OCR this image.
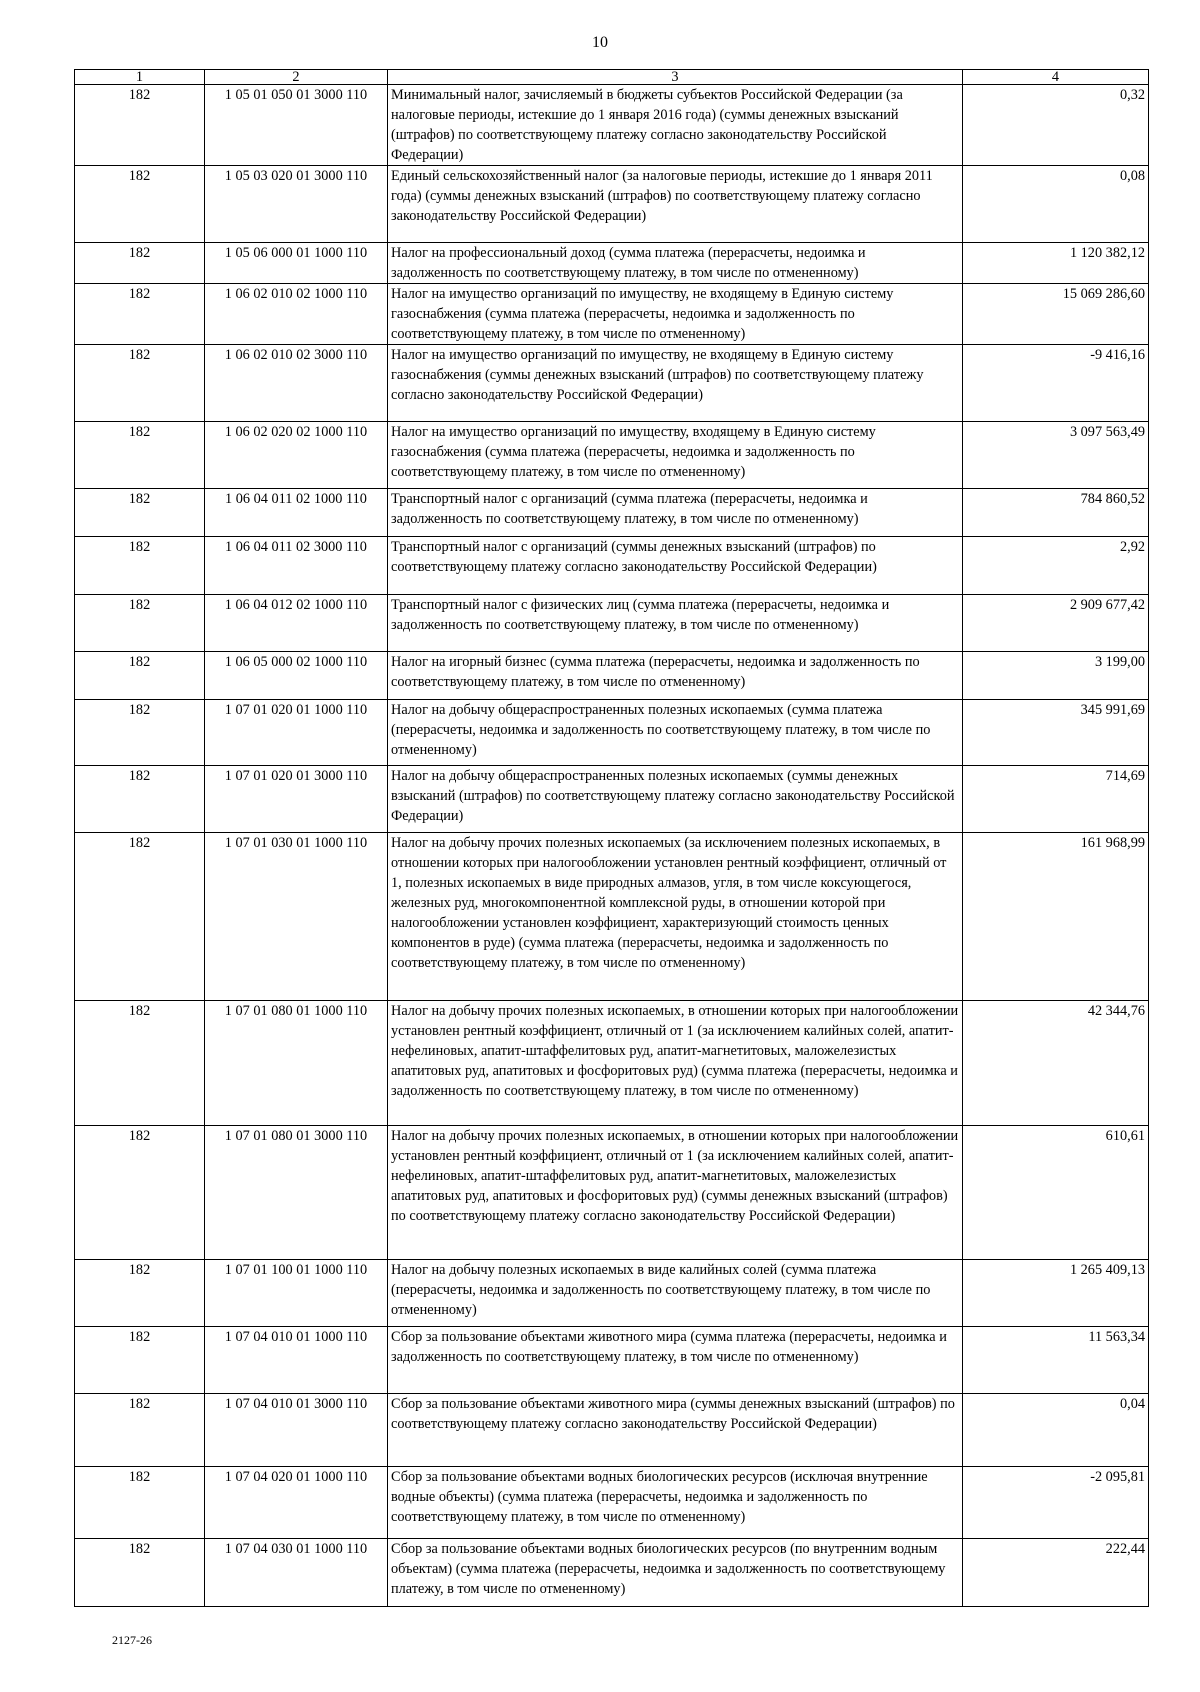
10
1	2	3	4
182	1 05 01 050 01 3000 110	Минимальный налог, зачисляемый в бюджеты субъектов Российской Федерации (за налоговые периоды, истекшие до 1 января 2016 года) (суммы денежных взысканий (штрафов) по соответствующему платежу согласно законодательству Российской Федерации)	0,32
182	1 05 03 020 01 3000 110	Единый сельскохозяйственный налог (за налоговые периоды, истекшие до 1 января 2011 года) (суммы денежных взысканий (штрафов) по соответствующему платежу согласно законодательству Российской Федерации)	0,08
182	1 05 06 000 01 1000 110	Налог на профессиональный доход (сумма платежа (перерасчеты, недоимка и задолженность по соответствующему платежу, в том числе по отмененному)	1 120 382,12
182	1 06 02 010 02 1000 110	Налог на имущество организаций по имуществу, не входящему в Единую систему газоснабжения (сумма платежа (перерасчеты, недоимка и задолженность по соответствующему платежу, в том числе по отмененному)	15 069 286,60
182	1 06 02 010 02 3000 110	Налог на имущество организаций по имуществу, не входящему в Единую систему газоснабжения (суммы денежных взысканий (штрафов) по соответствующему платежу согласно законодательству Российской Федерации)	-9 416,16
182	1 06 02 020 02 1000 110	Налог на имущество организаций по имуществу, входящему в Единую систему газоснабжения (сумма платежа (перерасчеты, недоимка и задолженность по соответствующему платежу, в том числе по отмененному)	3 097 563,49
182	1 06 04 011 02 1000 110	Транспортный налог с организаций (сумма платежа (перерасчеты, недоимка и задолженность по соответствующему платежу, в том числе по отмененному)	784 860,52
182	1 06 04 011 02 3000 110	Транспортный налог с организаций (суммы денежных взысканий (штрафов) по соответствующему платежу согласно законодательству Российской Федерации)	2,92
182	1 06 04 012 02 1000 110	Транспортный налог с физических лиц (сумма платежа (перерасчеты, недоимка и задолженность по соответствующему платежу, в том числе по отмененному)	2 909 677,42
182	1 06 05 000 02 1000 110	Налог на игорный бизнес (сумма платежа (перерасчеты, недоимка и задолженность по соответствующему платежу, в том числе по отмененному)	3 199,00
182	1 07 01 020 01 1000 110	Налог на добычу общераспространенных полезных ископаемых (сумма платежа (перерасчеты, недоимка и задолженность по соответствующему платежу, в том числе по отмененному)	345 991,69
182	1 07 01 020 01 3000 110	Налог на добычу общераспространенных полезных ископаемых (суммы денежных взысканий (штрафов) по соответствующему платежу согласно законодательству Российской Федерации)	714,69
182	1 07 01 030 01 1000 110	Налог на добычу прочих полезных ископаемых (за исключением полезных ископаемых, в отношении которых при налогообложении установлен рентный коэффициент, отличный от 1, полезных ископаемых в виде природных алмазов, угля, в том числе коксующегося, железных руд, многокомпонентной комплексной руды, в отношении которой при налогообложении установлен коэффициент, характеризующий стоимость ценных компонентов в руде) (сумма платежа (перерасчеты, недоимка и задолженность по соответствующему платежу, в том числе по отмененному)	161 968,99
182	1 07 01 080 01 1000 110	Налог на добычу прочих полезных ископаемых, в отношении которых при налогообложении установлен рентный коэффициент, отличный от 1 (за исключением калийных солей, апатит-нефелиновых, апатит-штаффелитовых руд, апатит-магнетитовых, маложелезистых апатитовых руд, апатитовых и фосфоритовых руд) (сумма платежа (перерасчеты, недоимка и задолженность по соответствующему платежу, в том числе по отмененному)	42 344,76
182	1 07 01 080 01 3000 110	Налог на добычу прочих полезных ископаемых, в отношении которых при налогообложении установлен рентный коэффициент, отличный от 1 (за исключением калийных солей, апатит-нефелиновых, апатит-штаффелитовых руд, апатит-магнетитовых, маложелезистых апатитовых руд, апатитовых и фосфоритовых руд) (суммы денежных взысканий (штрафов) по соответствующему платежу согласно законодательству Российской Федерации)	610,61
182	1 07 01 100 01 1000 110	Налог на добычу полезных ископаемых в виде калийных солей (сумма платежа (перерасчеты, недоимка и задолженность по соответствующему платежу, в том числе по отмененному)	1 265 409,13
182	1 07 04 010 01 1000 110	Сбор за пользование объектами животного мира (сумма платежа (перерасчеты, недоимка и задолженность по соответствующему платежу, в том числе по отмененному)	11 563,34
182	1 07 04 010 01 3000 110	Сбор за пользование объектами животного мира (суммы денежных взысканий (штрафов) по соответствующему платежу согласно законодательству Российской Федерации)	0,04
182	1 07 04 020 01 1000 110	Сбор за пользование объектами водных биологических ресурсов (исключая внутренние водные объекты) (сумма платежа (перерасчеты, недоимка и задолженность по соответствующему платежу, в том числе по отмененному)	-2 095,81
182	1 07 04 030 01 1000 110	Сбор за пользование объектами водных биологических ресурсов (по внутренним водным объектам) (сумма платежа (перерасчеты, недоимка и задолженность по соответствующему платежу, в том числе по отмененному)	222,44
2127-26
